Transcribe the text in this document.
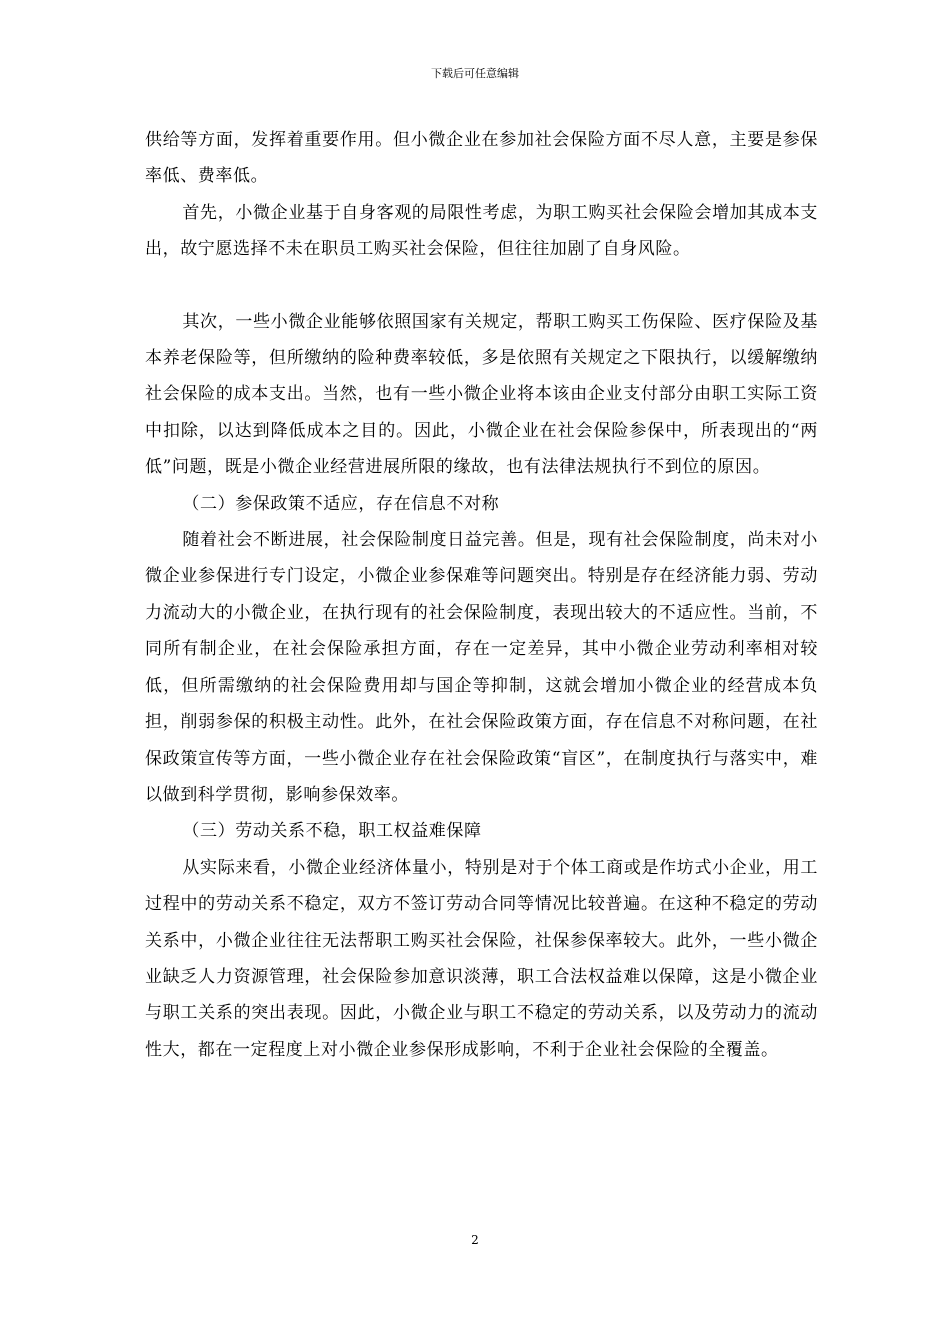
下载后可任意编辑

供给等方面，发挥着重要作用。但小微企业在参加社会保险方面不尽人意，主要是参保率低、费率低。

首先，小微企业基于自身客观的局限性考虑，为职工购买社会保险会增加其成本支出，故宁愿选择不未在职员工购买社会保险，但往往加剧了自身风险。

其次，一些小微企业能够依照国家有关规定，帮职工购买工伤保险、医疗保险及基本养老保险等，但所缴纳的险种费率较低，多是依照有关规定之下限执行，以缓解缴纳社会保险的成本支出。当然，也有一些小微企业将本该由企业支付部分由职工实际工资中扣除，以达到降低成本之目的。因此，小微企业在社会保险参保中，所表现出的“两低”问题，既是小微企业经营进展所限的缘故，也有法律法规执行不到位的原因。

（二）参保政策不适应，存在信息不对称

随着社会不断进展，社会保险制度日益完善。但是，现有社会保险制度，尚未对小微企业参保进行专门设定，小微企业参保难等问题突出。特别是存在经济能力弱、劳动力流动大的小微企业，在执行现有的社会保险制度，表现出较大的不适应性。当前，不同所有制企业，在社会保险承担方面，存在一定差异，其中小微企业劳动利率相对较低，但所需缴纳的社会保险费用却与国企等抑制，这就会增加小微企业的经营成本负担，削弱参保的积极主动性。此外，在社会保险政策方面，存在信息不对称问题，在社保政策宣传等方面，一些小微企业存在社会保险政策“盲区”，在制度执行与落实中，难以做到科学贯彻，影响参保效率。

（三）劳动关系不稳，职工权益难保障

从实际来看，小微企业经济体量小，特别是对于个体工商或是作坊式小企业，用工过程中的劳动关系不稳定，双方不签订劳动合同等情况比较普遍。在这种不稳定的劳动关系中，小微企业往往无法帮职工购买社会保险，社保参保率较大。此外，一些小微企业缺乏人力资源管理，社会保险参加意识淡薄，职工合法权益难以保障，这是小微企业与职工关系的突出表现。因此，小微企业与职工不稳定的劳动关系，以及劳动力的流动性大，都在一定程度上对小微企业参保形成影响，不利于企业社会保险的全覆盖。

2
